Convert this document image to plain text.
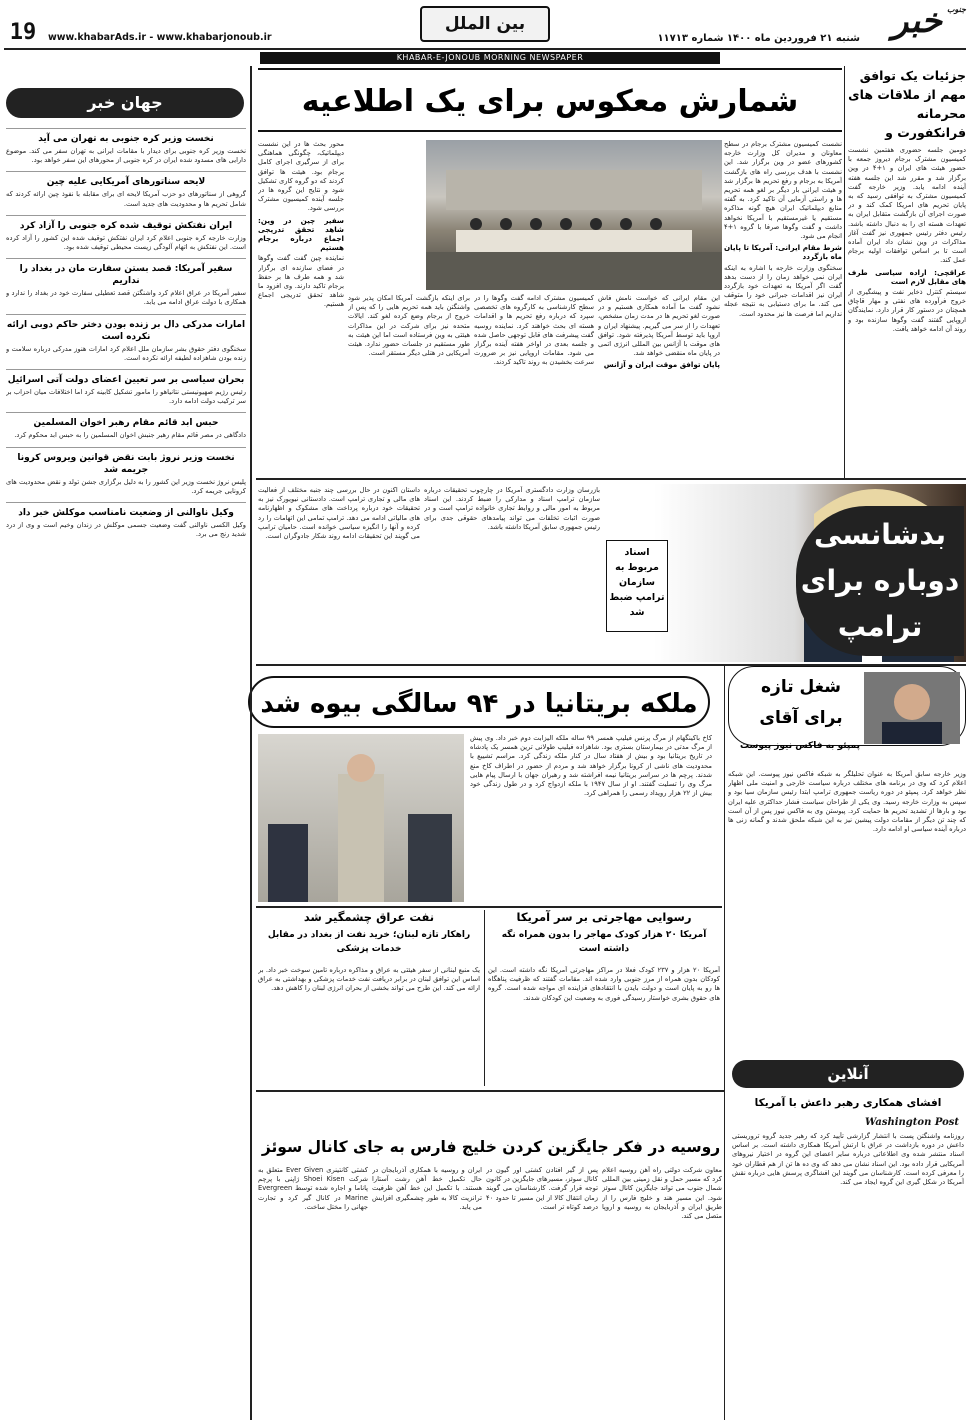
خبر جنوب
شنبه ۲۱ فروردین ماه ۱۴۰۰ شماره ۱۱۷۱۳
بین الملل
www.khabarAds.ir - www.khabarjonoub.ir
19
KHABAR-E-JONOUB MORNING NEWSPAPER
جزئیات یک توافق مهم از ملاقات های محرمانه فرانکفورت و

دومین جلسه حضوری هفتمین نشست کمیسیون مشترک برجام دیروز جمعه با حضور هیئت های ایران و ۱+۴ در وین برگزار شد و مقرر شد این جلسه هفته آینده ادامه یابد. وزیر خارجه گفت کمیسیون مشترک به توافقی رسید که به پایان تحریم های امریکا کمک کند و در صورت اجرای آن بازگشت متقابل ایران به تعهدات هسته ای را به دنبال داشته باشد. رئیس دفتر رئیس جمهوری نیز گفت آغاز مذاکرات در وین نشان داد ایران آماده است تا بر اساس توافقات اولیه برجام عمل کند.

عراقچی: اراده سیاسی طرف های مقابل لازم است

سیستم کنترل ذخایر نفت و پیشگیری از خروج فرآورده های نفتی و مهار قاچاق همچنان در دستور کار قرار دارد. نمایندگان اروپایی گفتند گفت وگوها سازنده بود و روند آن ادامه خواهد یافت.

شمارش معکوس برای یک اطلاعیه

نشست کمیسیون مشترک برجام در سطح معاونان و مدیران کل وزارت خارجه کشورهای عضو در وین برگزار شد. این نشست با هدف بررسی راه های بازگشت آمریکا به برجام و رفع تحریم ها برگزار شد و هیئت ایرانی بار دیگر بر لغو همه تحریم ها و راستی آزمایی آن تاکید کرد. به گفته منابع دیپلماتیک ایران هیچ گونه مذاکره مستقیم یا غیرمستقیم با آمریکا نخواهد داشت و گفت وگوها صرفا با گروه ۱+۴ انجام می شود.

شرط مقام ایرانی: آمریکا تا پایان ماه بازگردد

سخنگوی وزارت خارجه با اشاره به اینکه ایران نمی خواهد زمان را از دست بدهد گفت اگر آمریکا به تعهدات خود بازگردد ایران نیز اقدامات جبرانی خود را متوقف می کند. ما برای دستیابی به نتیجه عجله نداریم اما فرصت ها نیز محدود است.

این مقام ایرانی که خواست نامش فاش نشود گفت ما آماده همکاری هستیم و در صورت لغو تحریم ها در مدت زمان مشخص، تعهدات را از سر می گیریم. پیشنهاد ایران و اروپا باید توسط آمریکا پذیرفته شود. توافق های موقت با آژانس بین المللی انرژی اتمی در پایان ماه منقضی خواهد شد.

پایان توافق موقت ایران و آژانس

کمیسیون مشترک ادامه گفت وگوها را در سطح کارشناسی به کارگروه های تخصصی سپرد که درباره رفع تحریم ها و اقدامات هسته ای بحث خواهند کرد. نماینده روسیه گفت پیشرفت های قابل توجهی حاصل شده و جلسه بعدی در اواخر هفته آینده برگزار می شود. مقامات اروپایی نیز بر ضرورت سرعت بخشیدن به روند تاکید کردند.

برای اینکه بازگشت آمریکا امکان پذیر شود واشنگتن باید همه تحریم هایی را که پس از خروج از برجام وضع کرده لغو کند. ایالات متحده نیز برای شرکت در این مذاکرات هیئتی به وین فرستاده است اما این هیئت به طور مستقیم در جلسات حضور ندارد. هیئت آمریکایی در هتلی دیگر مستقر است.

محور بحث ها در این نشست دیپلماتیک، چگونگی هماهنگی برای از سرگیری اجرای کامل برجام بود. هیئت ها توافق کردند که دو گروه کاری تشکیل شود و نتایج این گروه ها در جلسه آینده کمیسیون مشترک بررسی شود.

سفیر چین در وین: شاهد تحقق تدریجی اجماع درباره برجام هستیم

نماینده چین گفت گفت وگوها در فضای سازنده ای برگزار شد و همه طرف ها بر حفظ برجام تاکید دارند. وی افزود ما شاهد تحقق تدریجی اجماع هستیم.

بدشانسی دوباره برای ترامپ
اسناد مربوط به سازمان ترامپ ضبط شد

بازرسان وزارت دادگستری آمریکا در چارچوب تحقیقات درباره سازمان ترامپ اسناد و مدارکی را ضبط کردند. این اسناد مربوط به امور مالی و روابط تجاری خانواده ترامپ است و در صورت اثبات تخلفات می تواند پیامدهای حقوقی جدی برای رئیس جمهوری سابق آمریکا داشته باشد.

داستان اکنون در حال بررسی چند جنبه مختلف از فعالیت های مالی و تجاری ترامپ است. دادستانی نیویورک نیز به تحقیقات خود درباره پرداخت های مشکوک و اظهارنامه های مالیاتی ادامه می دهد. ترامپ تمامی این اتهامات را رد کرده و آنها را انگیزه سیاسی خوانده است. حامیان ترامپ می گویند این تحقیقات ادامه روند شکار جادوگران است.

ملکه بریتانیا در ۹۴ سالگی بیوه شد

کاخ باکینگهام از مرگ پرنس فیلیپ همسر ۹۹ ساله ملکه الیزابت دوم خبر داد. وی پیش از مرگ مدتی در بیمارستان بستری بود. شاهزاده فیلیپ طولانی ترین همسر یک پادشاه در تاریخ بریتانیا بود و بیش از هفتاد سال در کنار ملکه زندگی کرد. مراسم تشییع با محدودیت های ناشی از کرونا برگزار خواهد شد و مردم از حضور در اطراف کاخ منع شدند. پرچم ها در سراسر بریتانیا نیمه افراشته شد و رهبران جهان با ارسال پیام هایی مرگ وی را تسلیت گفتند. او از سال ۱۹۴۷ با ملکه ازدواج کرد و در طول زندگی خود بیش از ۲۲ هزار رویداد رسمی را همراهی کرد.

شغل تازه برای آقای
پمپئو به فاکس نیوز پیوست

وزیر خارجه سابق آمریکا به عنوان تحلیلگر به شبکه فاکس نیوز پیوست. این شبکه اعلام کرد که وی در برنامه های مختلف درباره سیاست خارجی و امنیت ملی اظهار نظر خواهد کرد. پمپئو در دوره ریاست جمهوری ترامپ ابتدا رئیس سازمان سیا بود و سپس به وزارت خارجه رسید. وی یکی از طراحان سیاست فشار حداکثری علیه ایران بود و بارها از تشدید تحریم ها حمایت کرد. پیوستن وی به فاکس نیوز پس از آن است که چند تن دیگر از مقامات دولت پیشین نیز به این شبکه ملحق شدند و گمانه زنی ها درباره آینده سیاسی او ادامه دارد.

رسوایی مهاجرتی بر سر آمریکا
آمریکا ۲۰ هزار کودک مهاجر را بدون همراه نگه داشته است

آمریکا ۲۰ هزار و ۲۳۷ کودک فعلا در مراکز مهاجرتی آمریکا نگه داشته است. این کودکان بدون همراه از مرز جنوبی وارد شده اند. مقامات گفتند که ظرفیت پناهگاه ها رو به پایان است و دولت بایدن با انتقادهای فزاینده ای مواجه شده است. گروه های حقوق بشری خواستار رسیدگی فوری به وضعیت این کودکان شدند.

نفت عراق چشمگیر شد
راهکار تازه لبنان؛ خرید نفت از بغداد در مقابل خدمات پزشکی

یک منبع لبنانی از سفر هیئتی به عراق و مذاکره درباره تامین سوخت خبر داد. بر اساس این توافق لبنان در برابر دریافت نفت خدمات پزشکی و بهداشتی به عراق ارائه می کند. این طرح می تواند بخشی از بحران انرژی لبنان را کاهش دهد.

آنلاین
افشای همکاری رهبر داعش با آمریکا
Washington Post

روزنامه واشنگتن پست با انتشار گزارشی تأیید کرد که رهبر جدید گروه تروریستی داعش در دوره بازداشت در عراق با ارتش آمریکا همکاری داشته است. بر اساس اسناد منتشر شده وی اطلاعاتی درباره سایر اعضای این گروه در اختیار نیروهای آمریکایی قرار داده بود. این اسناد نشان می دهد که وی ده ها تن از هم قطاران خود را معرفی کرده است. کارشناسان می گویند این افشاگری پرسش هایی درباره نقش آمریکا در شکل گیری این گروه ایجاد می کند.

روسیه در فکر جایگزین کردن خلیج فارس به جای کانال سوئز

معاون شرکت دولتی راه آهن روسیه اعلام کرد که مسیر حمل و نقل زمینی بین المللی شمال جنوب می تواند جایگزین کانال سوئز شود. این مسیر هند و خلیج فارس را از طریق ایران و آذربایجان به روسیه و اروپا متصل می کند.

پس از گیر افتادن کشتی اور گیون در کانال سوئز، مسیرهای جایگزین در کانون توجه قرار گرفت. کارشناسان می گویند زمان انتقال کالا از این مسیر تا حدود ۴۰ درصد کوتاه تر است.

ایران و روسیه با همکاری آذربایجان در حال تکمیل خط آهن رشت آستارا هستند. با تکمیل این خط آهن ظرفیت ترانزیت کالا به طور چشمگیری افزایش می یابد.

کشتی کانتینری Ever Given متعلق به شرکت Shoei Kisen ژاپنی با پرچم پاناما و اجاره شده توسط Evergreen Marine در کانال گیر کرد و تجارت جهانی را مختل ساخت.

جهان خبر
نخست وزیر کره جنوبی به تهران می آید
نخست وزیر کره جنوبی برای دیدار با مقامات ایرانی به تهران سفر می کند. موضوع دارایی های مسدود شده ایران در کره جنوبی از محورهای این سفر خواهد بود.
لایحه سناتورهای آمریکایی علیه چین
گروهی از سناتورهای دو حزب آمریکا لایحه ای برای مقابله با نفوذ چین ارائه کردند که شامل تحریم ها و محدودیت های جدید است.
ایران نفتکش توقیف شده کره جنوبی را آزاد کرد
وزارت خارجه کره جنوبی اعلام کرد ایران نفتکش توقیف شده این کشور را آزاد کرده است. این نفتکش به اتهام آلودگی زیست محیطی توقیف شده بود.
سفیر آمریکا: قصد بستن سفارت مان در بغداد را نداریم
سفیر آمریکا در عراق اعلام کرد واشنگتن قصد تعطیلی سفارت خود در بغداد را ندارد و همکاری با دولت عراق ادامه می یابد.
امارات مدرکی دال بر زنده بودن دختر حاکم دوبی ارائه نکرده است
سخنگوی دفتر حقوق بشر سازمان ملل اعلام کرد امارات هنوز مدرکی درباره سلامت و زنده بودن شاهزاده لطیفه ارائه نکرده است.
بحران سیاسی بر سر تعیین اعضای دولت آتی اسرائیل
رئیس رژیم صهیونیستی نتانیاهو را مامور تشکیل کابینه کرد اما اختلافات میان احزاب بر سر ترکیب دولت ادامه دارد.
حبس ابد قائم مقام رهبر اخوان المسلمین
دادگاهی در مصر قائم مقام رهبر جنبش اخوان المسلمین را به حبس ابد محکوم کرد.
نخست وزیر نروژ بابت نقض قوانین ویروس کرونا جریمه شد
پلیس نروژ نخست وزیر این کشور را به دلیل برگزاری جشن تولد و نقض محدودیت های کرونایی جریمه کرد.
وکیل ناوالنی از وضعیت نامناسب موکلش خبر داد
وکیل الکسی ناوالنی گفت وضعیت جسمی موکلش در زندان وخیم است و وی از درد شدید رنج می برد.
